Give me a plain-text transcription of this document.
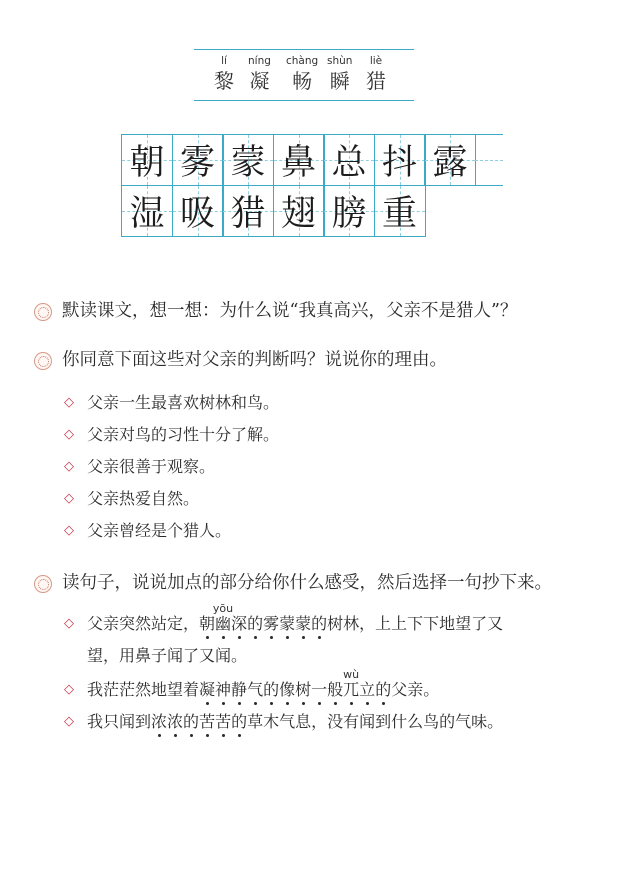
lí
黎
níng
凝
chàng
畅
shùn
瞬
liè
猎
朝 雾 蒙 鼻 总 抖 露
湿 吸 猎 翅 膀 重
默读课文，想一想：为什么说“我真高兴，父亲不是猎人”？
你同意下面这些对父亲的判断吗？说说你的理由。
◇ 父亲一生最喜欢树林和鸟。
◇ 父亲对鸟的习性十分了解。
◇ 父亲很善于观察。
◇ 父亲热爱自然。
◇ 父亲曾经是个猎人。
读句子，说说加点的部分给你什么感受，然后选择一句抄下来。
◇ 父亲突然站定，朝
yōu
幽深的雾蒙蒙的树林，上上下下地望了又
望，用鼻子闻了又闻。
◇ 我茫茫然地望着凝神静气的像树一般
wù
兀立的父亲。
◇ 我只闻到浓浓的苦苦的草木气息，没有闻到什么鸟的气味。
